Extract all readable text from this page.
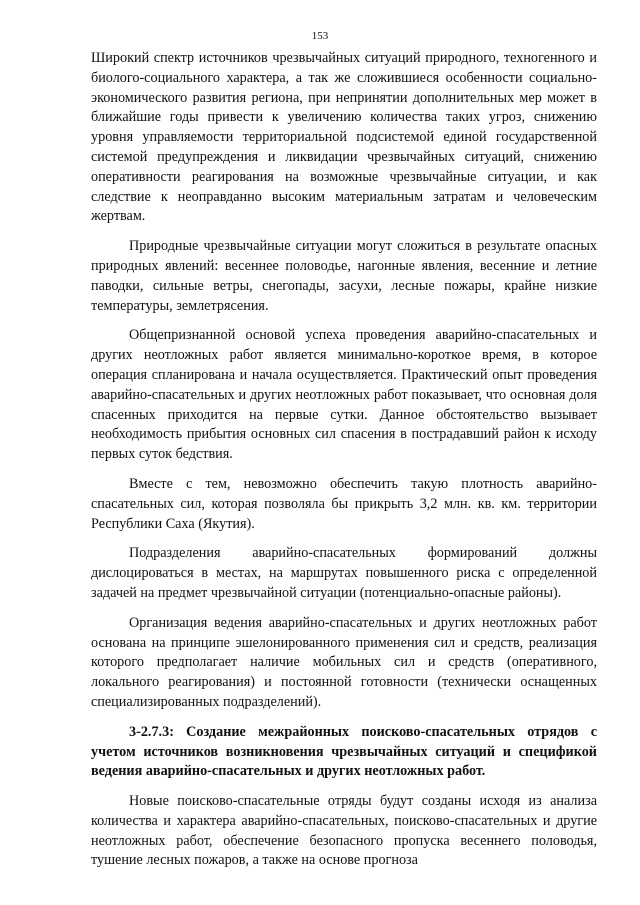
153

Широкий спектр источников чрезвычайных ситуаций природного, техногенного и биолого-социального характера, а так же сложившиеся особенности социально-экономического развития региона, при непринятии дополнительных мер может в ближайшие годы привести к увеличению количества таких угроз, снижению уровня управляемости территориальной подсистемой единой государственной системой предупреждения и ликвидации чрезвычайных ситуаций, снижению оперативности реагирования на возможные чрезвычайные ситуации, и как следствие к неоправданно высоким материальным затратам и человеческим жертвам.

Природные чрезвычайные ситуации могут сложиться в результате опасных природных явлений: весеннее половодье, нагонные явления, весенние и летние паводки, сильные ветры, снегопады, засухи, лесные пожары, крайне низкие температуры, землетрясения.

Общепризнанной основой успеха проведения аварийно-спасательных и других неотложных работ является минимально-короткое время, в которое операция спланирована и начала осуществляется. Практический опыт проведения аварийно-спасательных и других неотложных работ показывает, что основная доля спасенных приходится на первые сутки. Данное обстоятельство вызывает необходимость прибытия основных сил спасения в пострадавший район к исходу первых суток бедствия.

Вместе с тем, невозможно обеспечить такую плотность аварийно-спасательных сил, которая позволяла бы прикрыть 3,2 млн. кв. км. территории Республики Саха (Якутия).

Подразделения аварийно-спасательных формирований должны дислоцироваться в местах, на маршрутах повышенного риска с определенной задачей на предмет чрезвычайной ситуации (потенциально-опасные районы).

Организация ведения аварийно-спасательных и других неотложных работ основана на принципе эшелонированного применения сил и средств, реализация которого предполагает наличие мобильных сил и средств (оперативного, локального реагирования) и постоянной готовности (технически оснащенных специализированных подразделений).

3-2.7.3: Создание межрайонных поисково-спасательных отрядов с учетом источников возникновения чрезвычайных ситуаций и спецификой ведения аварийно-спасательных и других неотложных работ.

Новые поисково-спасательные отряды будут созданы исходя из анализа количества и характера аварийно-спасательных, поисково-спасательных и другие неотложных работ, обеспечение безопасного пропуска весеннего половодья, тушение лесных пожаров, а также на основе прогноза
